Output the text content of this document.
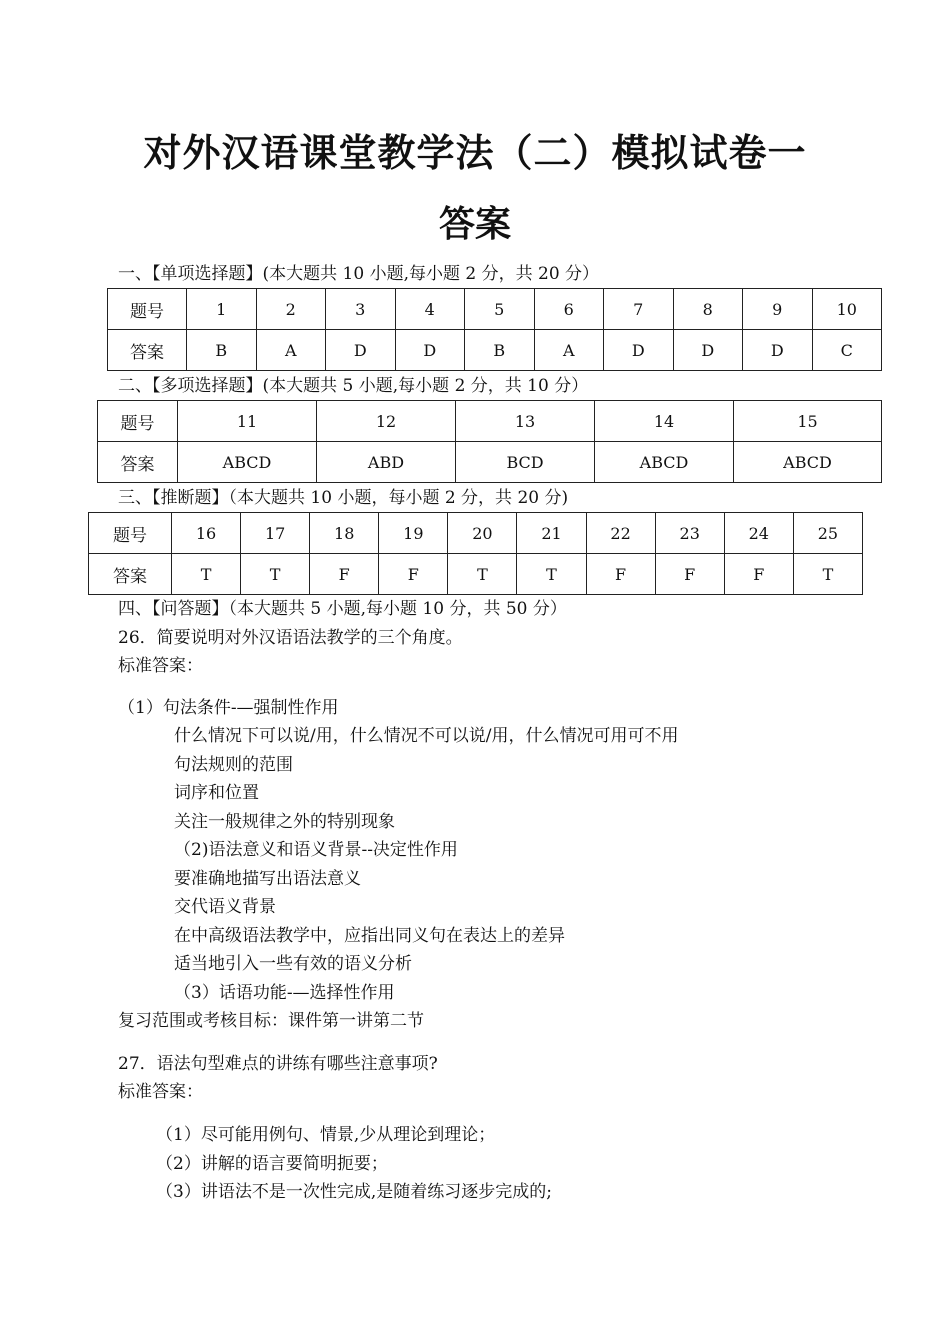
对外汉语课堂教学法（二）模拟试卷一
答案
一、【单项选择题】(本大题共 10 小题,每小题 2 分，共 20 分）
题号	1	2	3	4	5	6	7	8	9	10
答案	B	A	D	D	B	A	D	D	D	C
二、【多项选择题】(本大题共 5 小题,每小题 2 分，共 10 分）
题号	11	12	13	14	15
答案	ABCD	ABD	BCD	ABCD	ABCD
三、【推断题】（本大题共 10 小题，每小题 2 分，共 20 分)
题号	16	17	18	19	20	21	22	23	24	25
答案	T	T	F	F	T	T	F	F	F	T
四、【问答题】（本大题共 5 小题,每小题 10 分，共 50 分）
26．简要说明对外汉语语法教学的三个角度。
标准答案：
（1）句法条件-—强制性作用
什么情况下可以说/用，什么情况不可以说/用，什么情况可用可不用
句法规则的范围
词序和位置
关注一般规律之外的特别现象
（2)语法意义和语义背景--决定性作用
要准确地描写出语法意义
交代语义背景
在中高级语法教学中，应指出同义句在表达上的差异
适当地引入一些有效的语义分析
（3）话语功能-—选择性作用
复习范围或考核目标：课件第一讲第二节
27．语法句型难点的讲练有哪些注意事项?
标准答案：
（1）尽可能用例句、情景,少从理论到理论；
（2）讲解的语言要简明扼要；
（3）讲语法不是一次性完成,是随着练习逐步完成的;
